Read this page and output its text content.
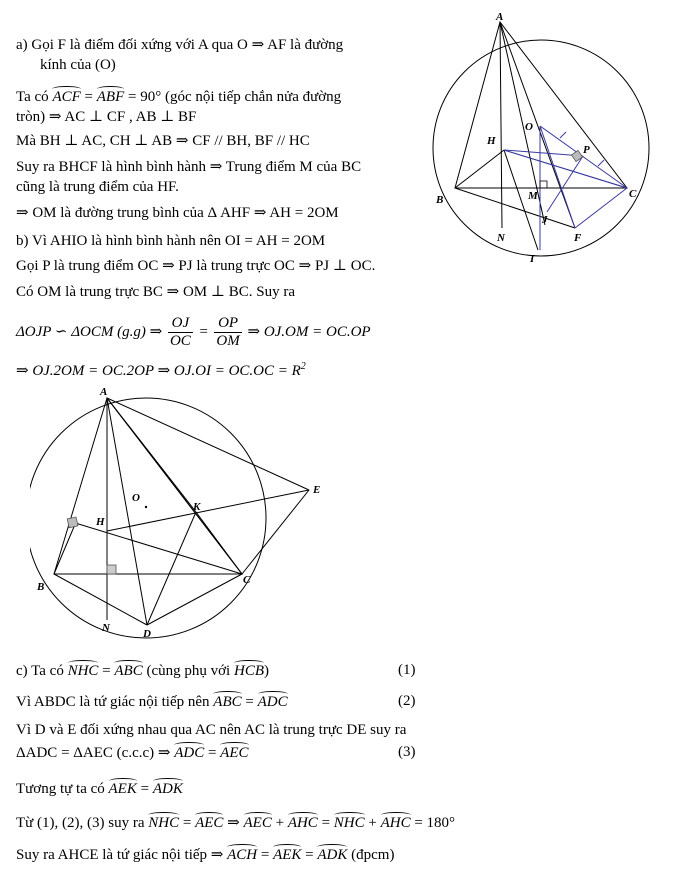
a) Gọi F là điểm đối xứng với A qua O ⇒ AF là đường
kính của (O)
Ta có ACF = ABF = 90° (góc nội tiếp chắn nửa đường
tròn) ⇒ AC ⊥ CF , AB ⊥ BF
Mà BH ⊥ AC, CH ⊥ AB ⇒ CF // BH, BF // HC
Suy ra BHCF là hình bình hành ⇒ Trung điểm M của BC
cũng là trung điểm của HF.
⇒ OM là đường trung bình của Δ AHF ⇒ AH = 2OM
b) Vì AHIO là hình bình hành nên OI = AH = 2OM
Gọi P là trung điểm OC ⇒ PJ là trung trực OC ⇒ PJ ⊥ OC.
Có OM là trung trực BC ⇒ OM ⊥ BC. Suy ra
ΔOJP ∽ ΔOCM (g.g) ⇒ $\frac{OJ}{OC} = \frac{OP}{OM}$ ⇒ OJ.OM = OC.OP
⇒ OJ.2OM = OC.2OP ⇒ $OJ.OI = OC.OC = R^2$
A
H
O
P
B	M	C
J
N	F
I
A
O
E
K
H
B
C
N	D
c) Ta có NHC = ABC (cùng phụ với HCB)	(1)
Vì ABDC là tứ giác nội tiếp nên ABC = ADC	(2)
Vì D và E đối xứng nhau qua AC nên AC là trung trực DE suy ra
ΔADC = ΔAEC (c.c.c) ⇒ ADC = AEC	(3)
Tương tự ta có AEK = ADK
Từ (1), (2), (3) suy ra NHC = AEC ⇒ AEC + AHC = NHC + AHC = 180°
Suy ra AHCE là tứ giác nội tiếp ⇒ ACH = AEK = ADK (đpcm)
